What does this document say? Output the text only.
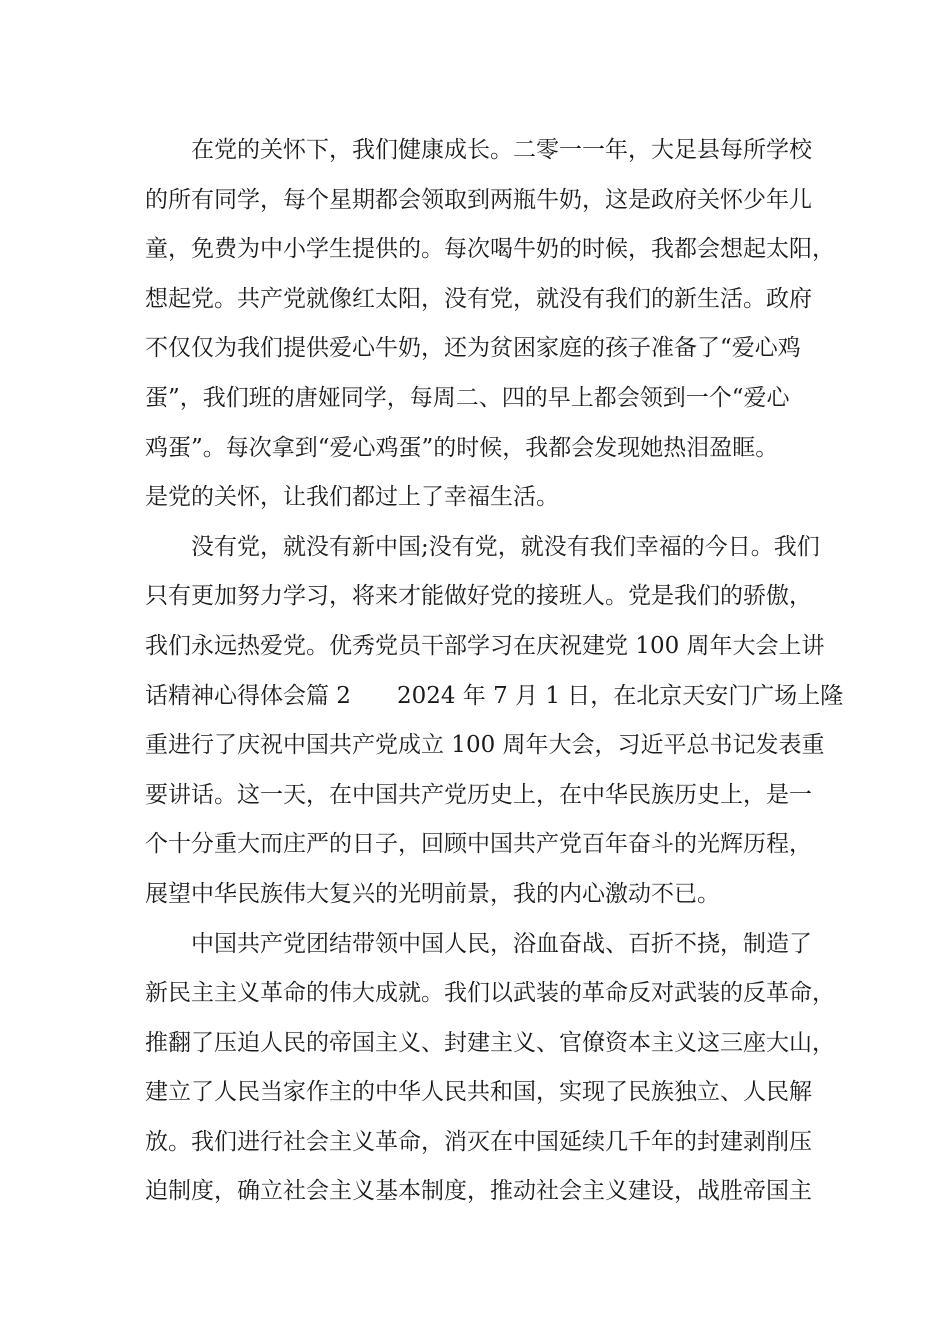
　　在党的关怀下，我们健康成长。二零一一年，大足县每所学校
的所有同学，每个星期都会领取到两瓶牛奶，这是政府关怀少年儿
童，免费为中小学生提供的。每次喝牛奶的时候，我都会想起太阳，
想起党。共产党就像红太阳，没有党，就没有我们的新生活。政府
不仅仅为我们提供爱心牛奶，还为贫困家庭的孩子准备了“爱心鸡
蛋”，我们班的唐娅同学，每周二、四的早上都会领到一个“爱心
鸡蛋”。每次拿到“爱心鸡蛋”的时候，我都会发现她热泪盈眶。
是党的关怀，让我们都过上了幸福生活。
　　没有党，就没有新中国;没有党，就没有我们幸福的今日。我们
只有更加努力学习，将来才能做好党的接班人。党是我们的骄傲，
我们永远热爱党。优秀党员干部学习在庆祝建党 100 周年大会上讲
话精神心得体会篇 2　　2024 年 7 月 1 日，在北京天安门广场上隆
重进行了庆祝中国共产党成立 100 周年大会，习近平总书记发表重
要讲话。这一天，在中国共产党历史上，在中华民族历史上，是一
个十分重大而庄严的日子，回顾中国共产党百年奋斗的光辉历程，
展望中华民族伟大复兴的光明前景，我的内心激动不已。
　　中国共产党团结带领中国人民，浴血奋战、百折不挠，制造了
新民主主义革命的伟大成就。我们以武装的革命反对武装的反革命，
推翻了压迫人民的帝国主义、封建主义、官僚资本主义这三座大山，
建立了人民当家作主的中华人民共和国，实现了民族独立、人民解
放。我们进行社会主义革命，消灭在中国延续几千年的封建剥削压
迫制度，确立社会主义基本制度，推动社会主义建设，战胜帝国主
